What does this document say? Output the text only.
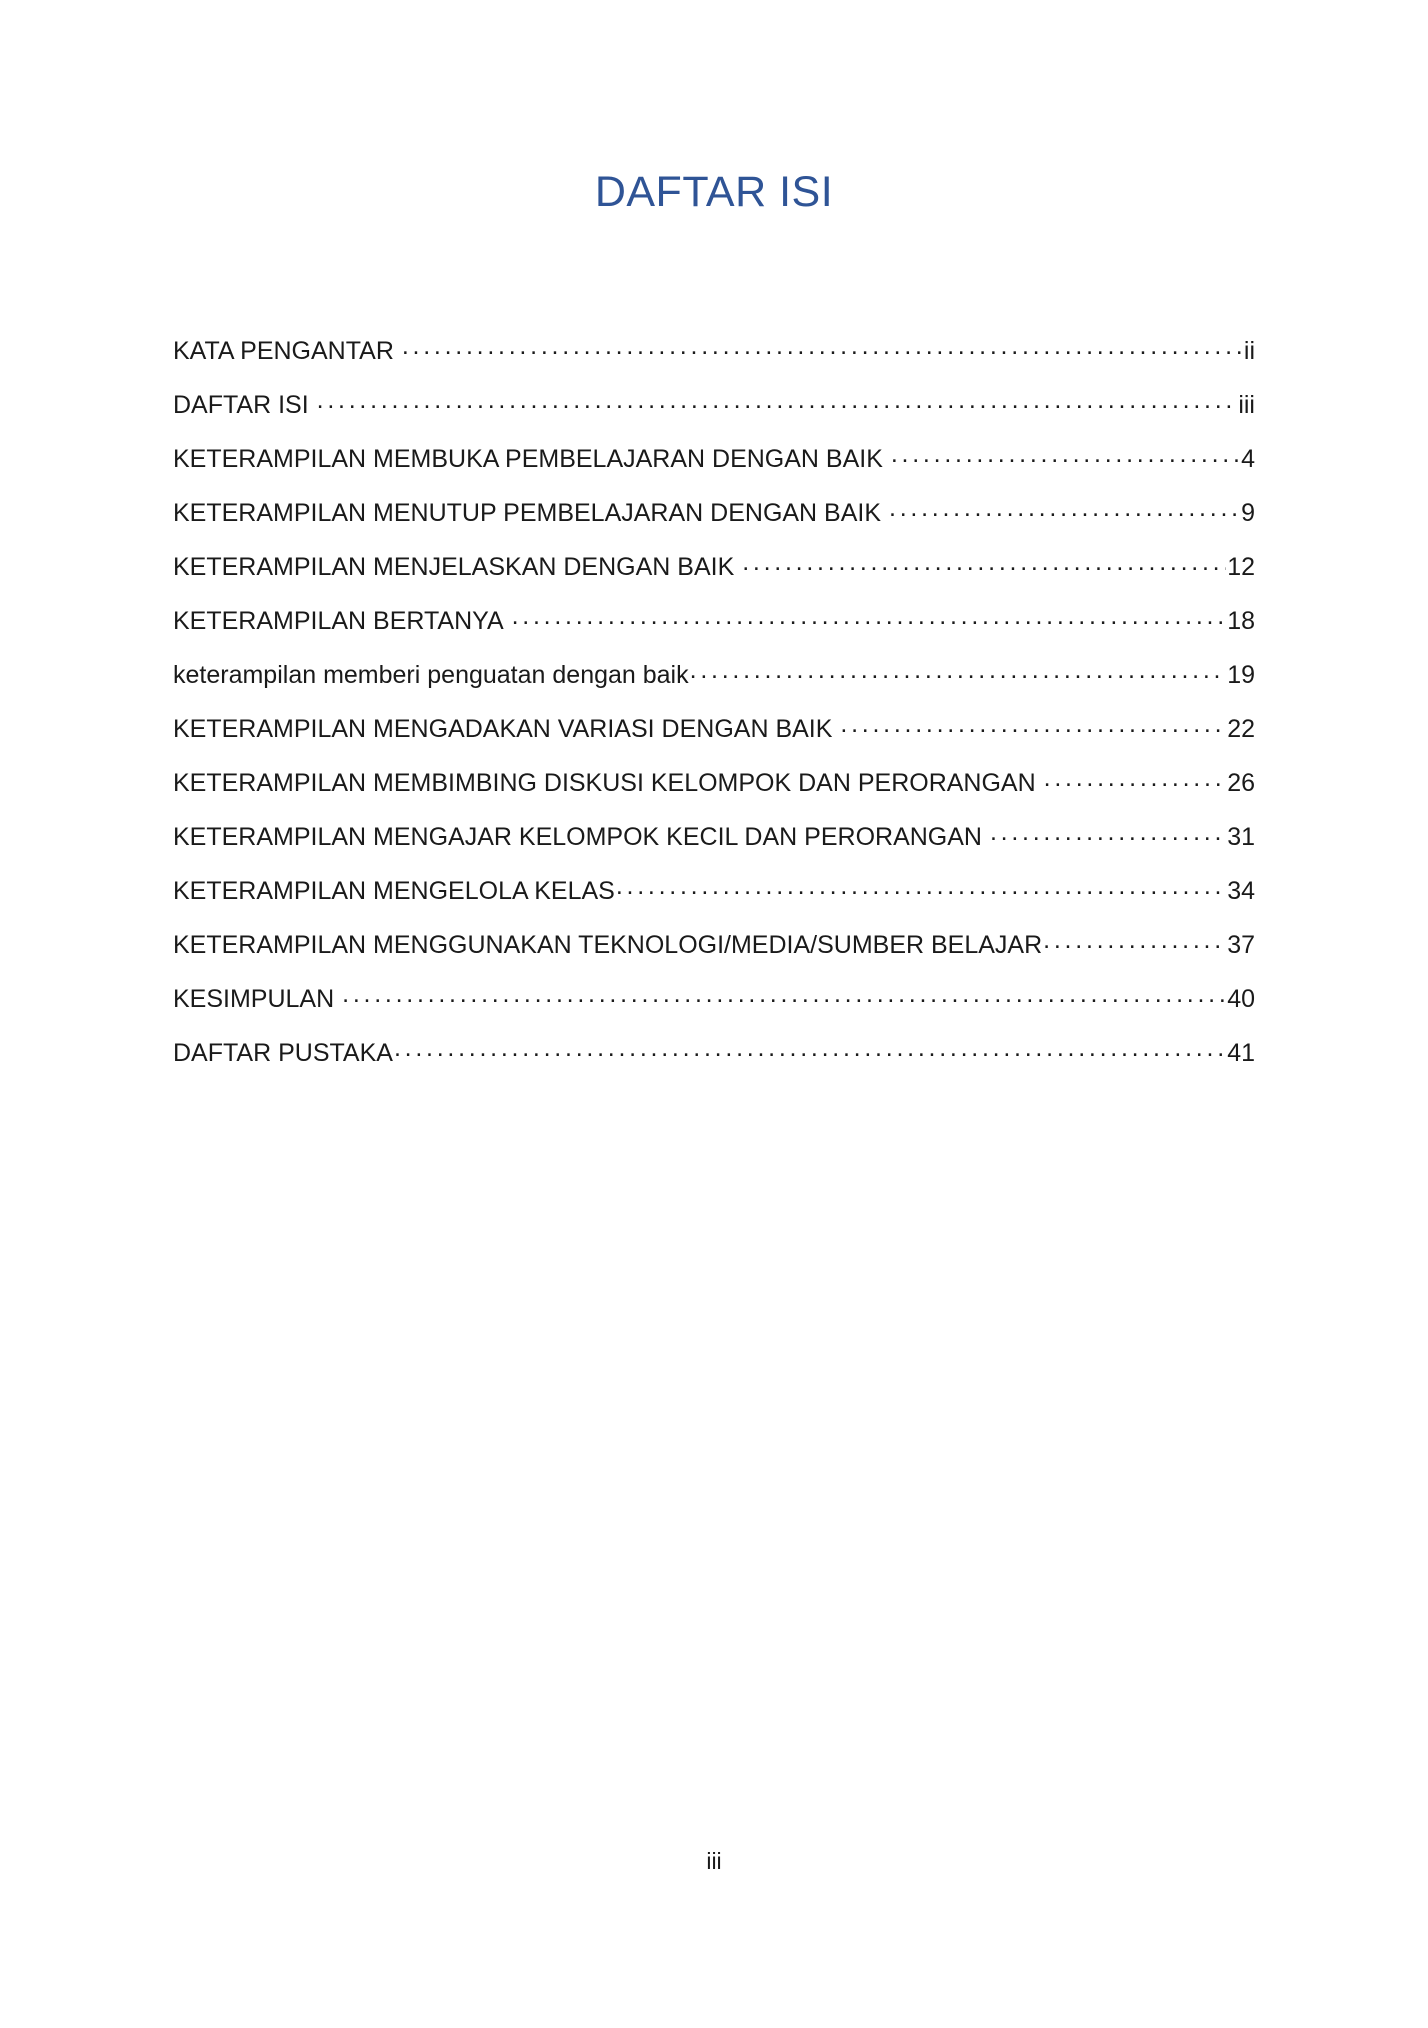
DAFTAR ISI
KATA PENGANTAR . . .	ii
DAFTAR ISI . . .	iii
KETERAMPILAN MEMBUKA PEMBELAJARAN DENGAN BAIK . . .	4
KETERAMPILAN MENUTUP PEMBELAJARAN DENGAN BAIK . . .	9
KETERAMPILAN MENJELASKAN DENGAN BAIK . . .	12
KETERAMPILAN BERTANYA . . .	18
keterampilan memberi penguatan dengan baik . . .	19
KETERAMPILAN MENGADAKAN VARIASI DENGAN BAIK . . .	22
KETERAMPILAN MEMBIMBING DISKUSI KELOMPOK DAN PERORANGAN . . .	26
KETERAMPILAN MENGAJAR KELOMPOK KECIL DAN PERORANGAN . . .	31
KETERAMPILAN MENGELOLA KELAS . . .	34
KETERAMPILAN MENGGUNAKAN TEKNOLOGI/MEDIA/SUMBER BELAJAR . . .	37
KESIMPULAN . . .	40
DAFTAR PUSTAKA . . .	41
iii
